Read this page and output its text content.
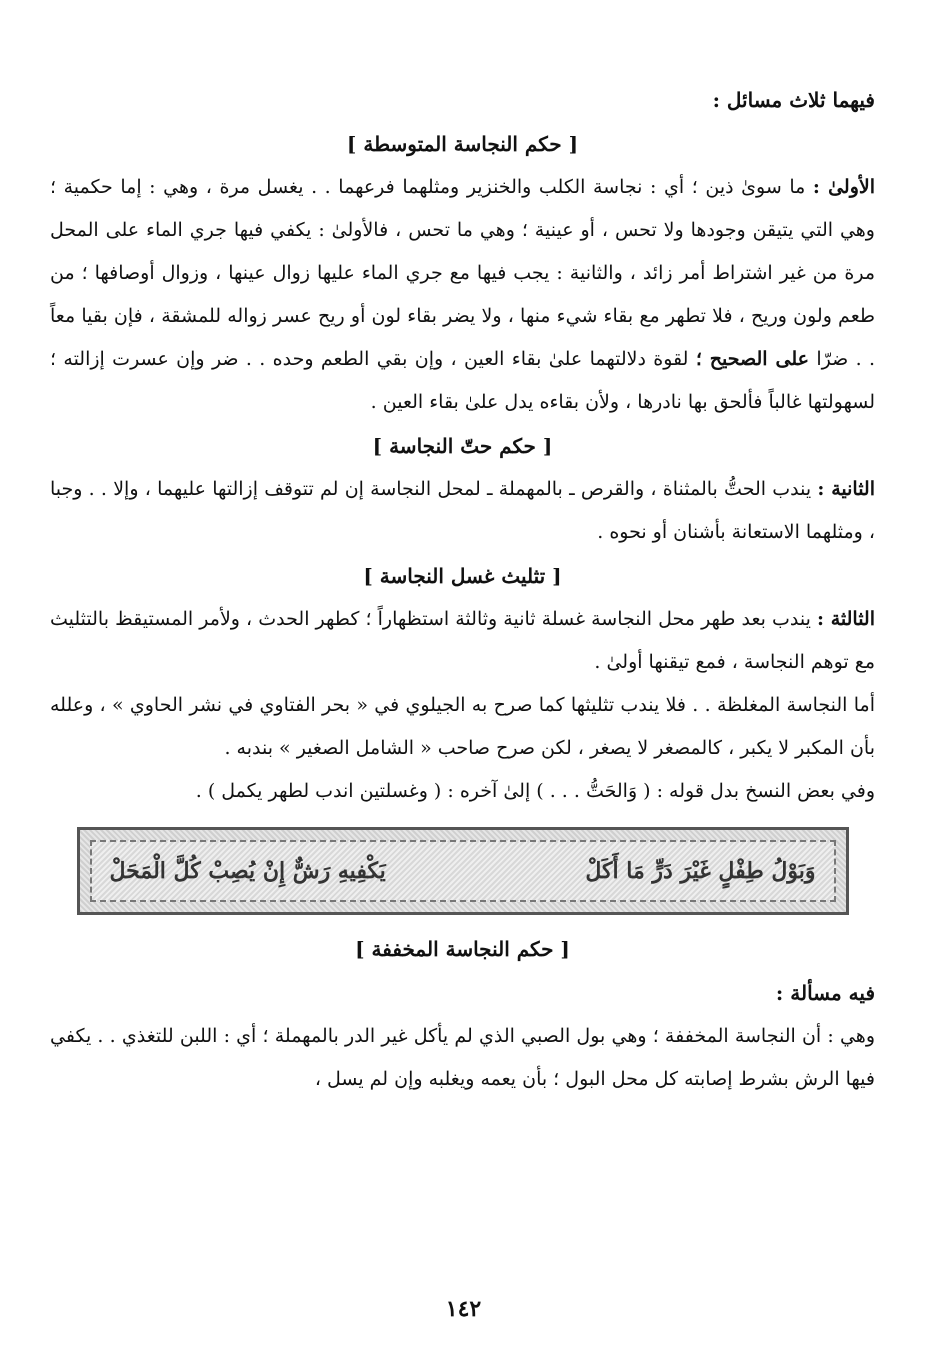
فيهما ثلاث مسائل :
[ حكم النجاسة المتوسطة ]

الأولىٰ : ما سوىٰ ذين ؛ أي : نجاسة الكلب والخنزير ومثلهما فرعهما . . يغسل مرة ، وهي : إما حكمية ؛ وهي التي يتيقن وجودها ولا تحس ، أو عينية ؛ وهي ما تحس ، فالأولىٰ : يكفي فيها جري الماء على المحل مرة من غير اشتراط أمر زائد ، والثانية : يجب فيها مع جري الماء عليها زوال عينها ، وزوال أوصافها ؛ من طعم ولون وريح ، فلا تطهر مع بقاء شيء منها ، ولا يضر بقاء لون أو ريح عسر زواله للمشقة ، فإن بقيا معاً . . ضرّا على الصحيح ؛ لقوة دلالتهما علىٰ بقاء العين ، وإن بقي الطعم وحده . . ضر وإن عسرت إزالته ؛ لسهولتها غالباً فألحق بها نادرها ، ولأن بقاءه يدل علىٰ بقاء العين .

[ حكم حتّ النجاسة ]

الثانية : يندب الحتُّ بالمثناة ، والقرص ـ بالمهملة ـ لمحل النجاسة إن لم تتوقف إزالتها عليهما ، وإلا . . وجبا ، ومثلهما الاستعانة بأشنان أو نحوه .

[ تثليث غسل النجاسة ]

الثالثة : يندب بعد طهر محل النجاسة غسلة ثانية وثالثة استظهاراً ؛ كطهر الحدث ، ولأمر المستيقظ بالتثليث مع توهم النجاسة ، فمع تيقنها أولىٰ .

أما النجاسة المغلظة . . فلا يندب تثليثها كما صرح به الجيلوي في « بحر الفتاوي في نشر الحاوي » ، وعلله بأن المكبر لا يكبر ، كالمصغر لا يصغر ، لكن صرح صاحب « الشامل الصغير » بندبه .

وفي بعض النسخ بدل قوله : ( وَالحَتُّ . . . ) إلىٰ آخره : ( وغسلتين اندب لطهر يكمل ) .

وَبَوْلُ طِفْلٍ غَيْرَ دَرٍّ مَا أَكَلْ
يَكْفِيهِ رَشٌّ إِنْ يُصِبْ كُلَّ الْمَحَلْ
[ حكم النجاسة المخففة ]
فيه مسألة :

وهي : أن النجاسة المخففة ؛ وهي بول الصبي الذي لم يأكل غير الدر بالمهملة ؛ أي : اللبن للتغذي . . يكفي فيها الرش بشرط إصابته كل محل البول ؛ بأن يعمه ويغلبه وإن لم يسل ،

١٤٢
